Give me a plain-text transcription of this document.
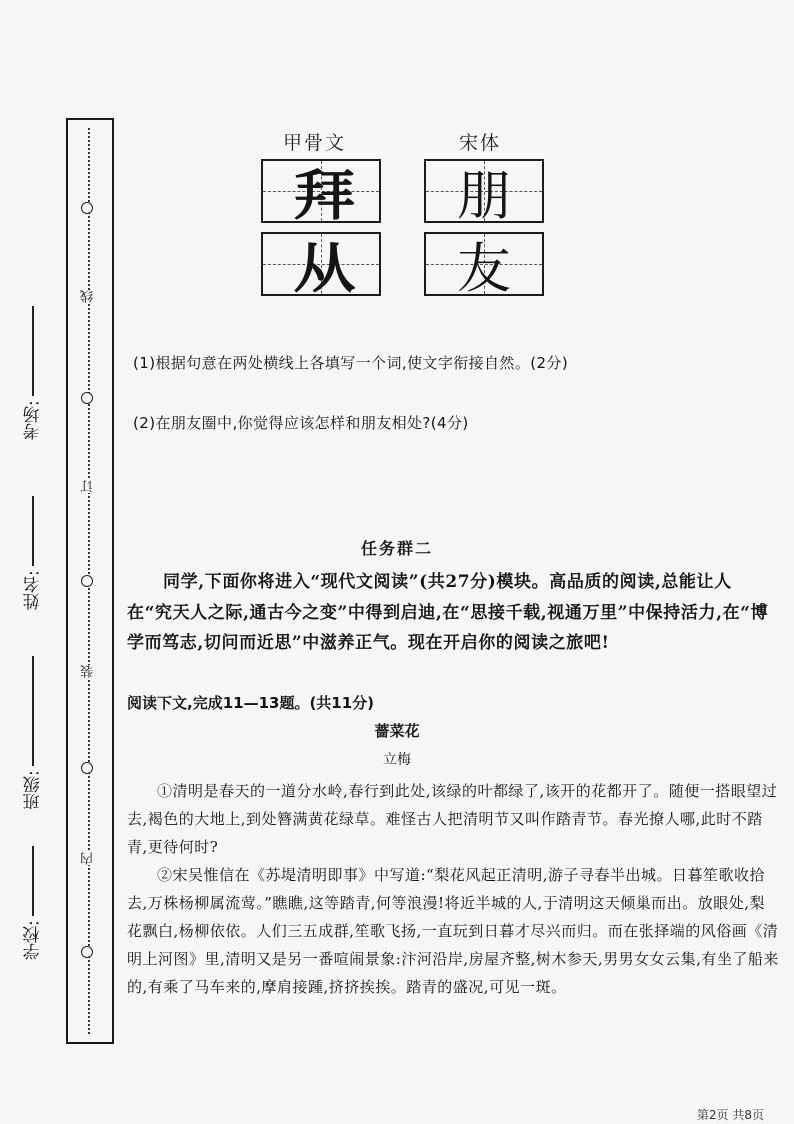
考场:
姓名:
班级:
学校:
线
订
装
内
甲骨文	宋体
拜
从
朋
友
(1)根据句意在两处横线上各填写一个词,使文字衔接自然。(2分)
(2)在朋友圈中,你觉得应该怎样和朋友相处?(4分)
任务群二

同学,下面你将进入“现代文阅读”(共27分)模块。高品质的阅读,总能让人在“究天人之际,通古今之变”中得到启迪,在“思接千载,视通万里”中保持活力,在“博学而笃志,切问而近思”中滋养正气。现在开启你的阅读之旅吧!

阅读下文,完成11—13题。(共11分)
薔菜花
立梅

①清明是春天的一道分水岭,春行到此处,该绿的叶都绿了,该开的花都开了。随便一搭眼望过去,褐色的大地上,到处簪满黄花绿草。难怪古人把清明节又叫作踏青节。春光撩人哪,此时不踏青,更待何时?

②宋吴惟信在《苏堤清明即事》中写道:“梨花风起正清明,游子寻春半出城。日暮笙歌收拾去,万株杨柳属流莺。”瞧瞧,这等踏青,何等浪漫!将近半城的人,于清明这天倾巢而出。放眼处,梨花飘白,杨柳依依。人们三五成群,笙歌飞扬,一直玩到日暮才尽兴而归。而在张择端的风俗画《清明上河图》里,清明又是另一番喧闹景象:汴河沿岸,房屋齐整,树木参天,男男女女云集,有坐了船来的,有乘了马车来的,摩肩接踵,挤挤挨挨。踏青的盛况,可见一斑。

第2页 共8页
